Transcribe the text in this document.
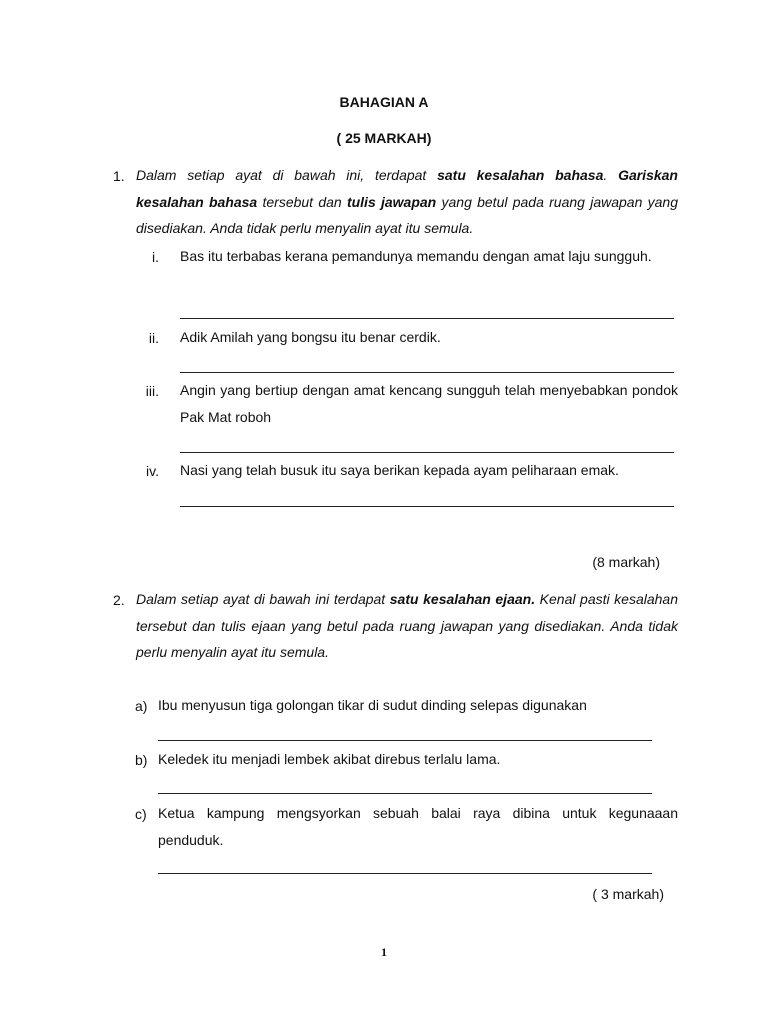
BAHAGIAN A
( 25 MARKAH)
1. Dalam setiap ayat di bawah ini, terdapat satu kesalahan bahasa. Gariskan kesalahan bahasa tersebut dan tulis jawapan yang betul pada ruang jawapan yang disediakan. Anda tidak perlu menyalin ayat itu semula.
i. Bas itu terbabas kerana pemandunya memandu dengan amat laju sungguh.
ii. Adik Amilah yang bongsu itu benar cerdik.
iii. Angin yang bertiup dengan amat kencang sungguh telah menyebabkan pondok Pak Mat roboh
iv. Nasi yang telah busuk itu saya berikan kepada ayam peliharaan emak.
(8 markah)
2. Dalam setiap ayat di bawah ini terdapat satu kesalahan ejaan. Kenal pasti kesalahan tersebut dan tulis ejaan yang betul pada ruang jawapan yang disediakan. Anda tidak perlu menyalin ayat itu semula.
a) Ibu menyusun tiga golongan tikar di sudut dinding selepas digunakan
b) Keledek itu menjadi lembek akibat direbus terlalu lama.
c) Ketua kampung mengsyorkan sebuah balai raya dibina untuk kegunaaan penduduk.
( 3 markah)
1
